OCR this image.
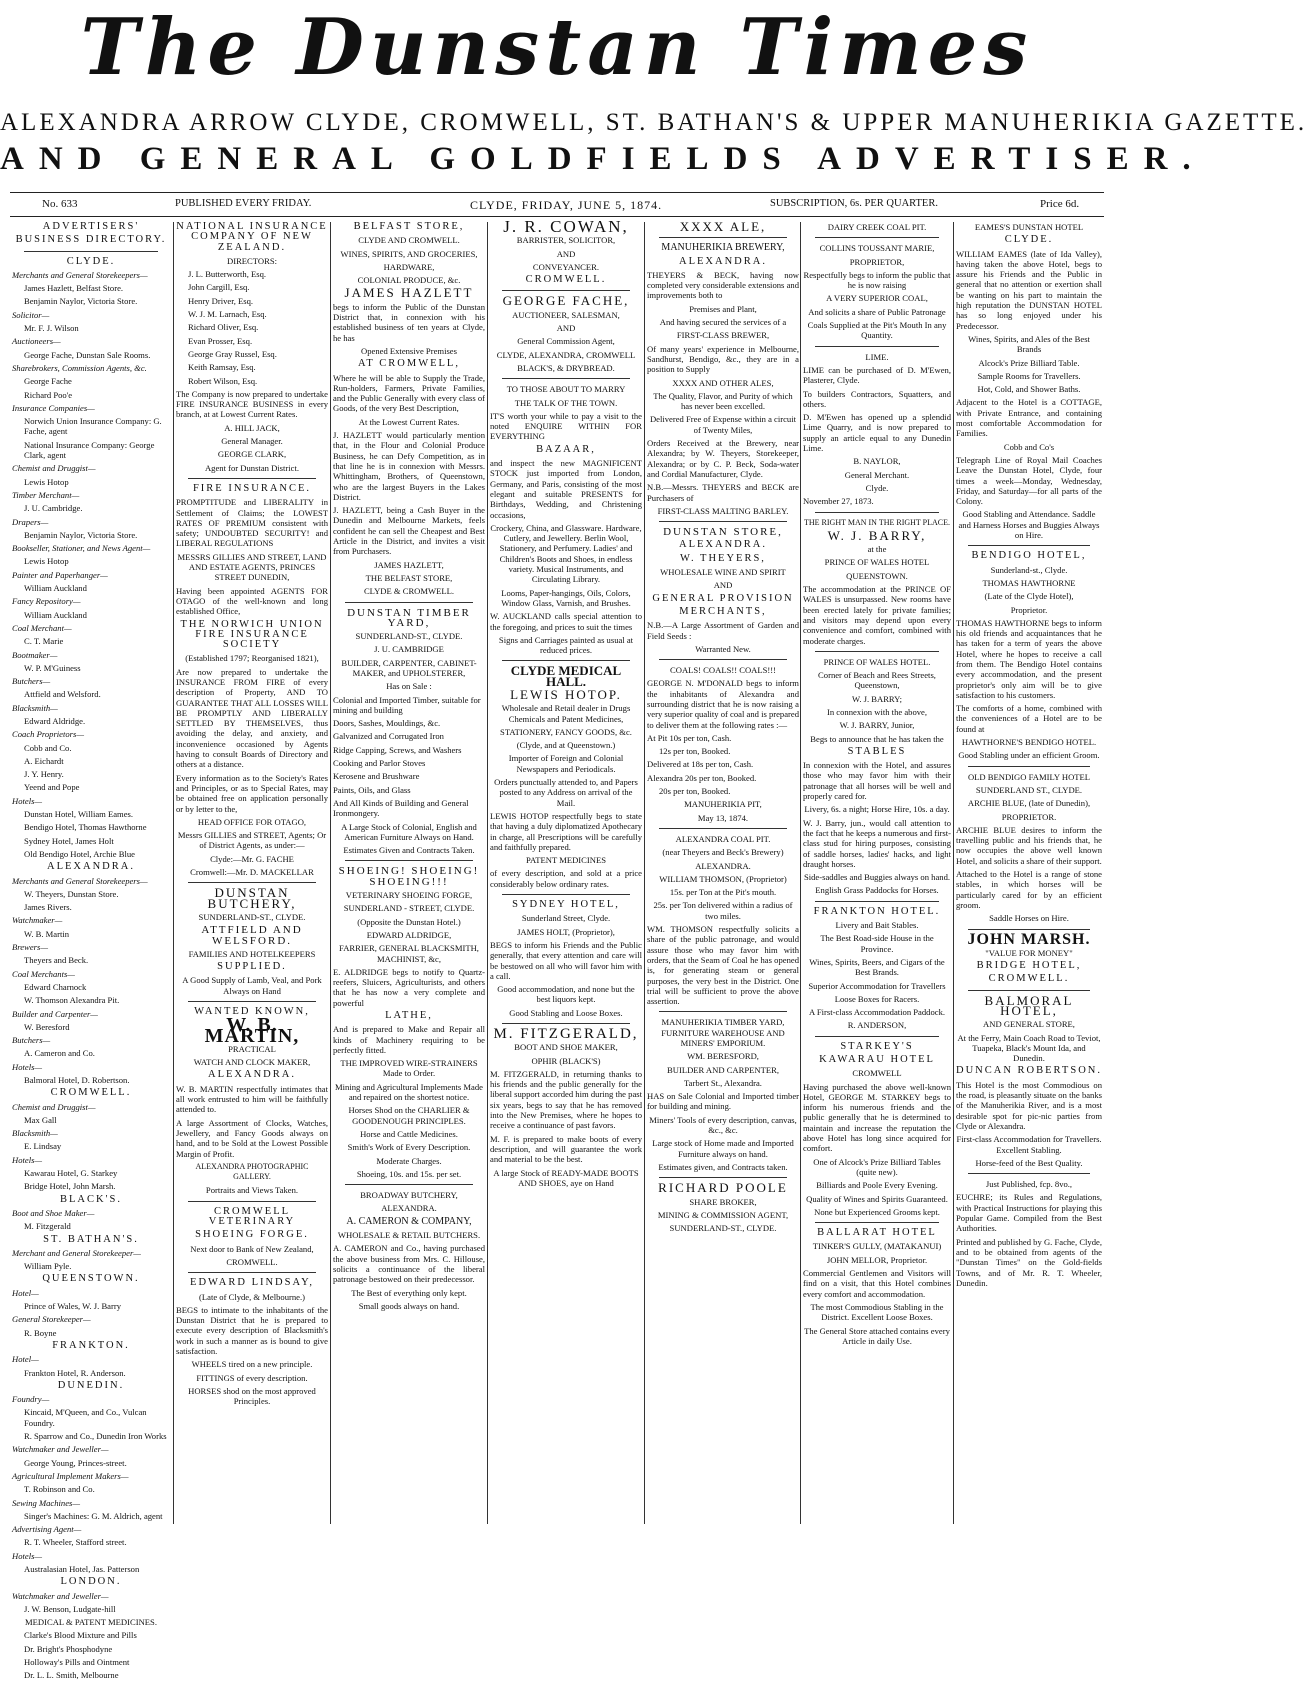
The Dunstan Times
ALEXANDRA ARROW CLYDE, CROMWELL, ST. BATHAN'S & UPPER MANUHERIKIA GAZETTE.
AND GENERAL GOLDFIELDS ADVERTISER.
No. 633	PUBLISHED EVERY FRIDAY.	CLYDE, FRIDAY, JUNE 5, 1874.	SUBSCRIPTION, 6s. PER QUARTER.	Price 6d.

ADVERTISERS'

BUSINESS DIRECTORY.

CLYDE.

Merchants and General Storekeepers—

James Hazlett, Belfast Store.

Benjamin Naylor, Victoria Store.

Solicitor—

Mr. F. J. Wilson

Auctioneers—

George Fache, Dunstan Sale Rooms.

Sharebrokers, Commission Agents, &c.

George Fache

Richard Poo'e

Insurance Companies—

Norwich Union Insurance Company: G. Fache, agent

National Insurance Company: George Clark, agent

Chemist and Druggist—

Lewis Hotop

Timber Merchant—

J. U. Cambridge.

Drapers—

Benjamin Naylor, Victoria Store.

Bookseller, Stationer, and News Agent—

Lewis Hotop

Painter and Paperhanger—

William Auckland

Fancy Repository—

William Auckland

Coal Merchant—

C. T. Marie

Bootmaker—

W. P. M'Guiness

Butchers—

Attfield and Welsford.

Blacksmith—

Edward Aldridge.

Coach Proprietors—

Cobb and Co.

A. Eichardt

J. Y. Henry.

Yeend and Pope

Hotels—

Dunstan Hotel, William Eames.

Bendigo Hotel, Thomas Hawthorne

Sydney Hotel, James Holt

Old Bendigo Hotel, Archie Blue

ALEXANDRA.

Merchants and General Storekeepers—

W. Theyers, Dunstan Store.

James Rivers.

Watchmaker—

W. B. Martin

Brewers—

Theyers and Beck.

Coal Merchants—

Edward Charnock

W. Thomson Alexandra Pit.

Builder and Carpenter—

W. Beresford

Butchers—

A. Cameron and Co.

Hotels—

Balmoral Hotel, D. Robertson.

CROMWELL.

Chemist and Druggist—

Max Gall

Blacksmith—

E. Lindsay

Hotels—

Kawarau Hotel, G. Starkey

Bridge Hotel, John Marsh.

BLACK'S.

Boot and Shoe Maker—

M. Fitzgerald

ST. BATHAN'S.

Merchant and General Storekeeper—

William Pyle.

QUEENSTOWN.

Hotel—

Prince of Wales, W. J. Barry

General Storekeeper—

R. Boyne

FRANKTON.

Hotel—

Frankton Hotel, R. Anderson.

DUNEDIN.

Foundry—

Kincaid, M'Queen, and Co., Vulcan Foundry.

R. Sparrow and Co., Dunedin Iron Works

Watchmaker and Jeweller—

George Young, Princes-street.

Agricultural Implement Makers—

T. Robinson and Co.

Sewing Machines—

Singer's Machines: G. M. Aldrich, agent

Advertising Agent—

R. T. Wheeler, Stafford street.

Hotels—

Australasian Hotel, Jas. Patterson

LONDON.

Watchmaker and Jeweller—

J. W. Benson, Ludgate-hill

MEDICAL & PATENT MEDICINES.

Clarke's Blood Mixture and Pills

Dr. Bright's Phosphodyne

Holloway's Pills and Ointment

Dr. L. L. Smith, Melbourne

NATIONAL INSURANCE COMPANY OF NEW ZEALAND.

DIRECTORS:

J. L. Butterworth, Esq.

John Cargill, Esq.

Henry Driver, Esq.

W. J. M. Larnach, Esq.

Richard Oliver, Esq.

Evan Prosser, Esq.

George Gray Russel, Esq.

Keith Ramsay, Esq.

Robert Wilson, Esq.

The Company is now prepared to undertake FIRE INSURANCE BUSINESS in every branch, at at Lowest Current Rates.

A. HILL JACK,

General Manager.

GEORGE CLARK,

Agent for Dunstan District.

FIRE INSURANCE.

PROMPTITUDE and LIBERALITY in Settlement of Claims; the LOWEST RATES OF PREMIUM consistent with safety; UNDOUBTED SECURITY! and LIBERAL REGULATIONS

MESSRS GILLIES AND STREET, LAND AND ESTATE AGENTS, PRINCES STREET DUNEDIN,

Having been appointed AGENTS FOR OTAGO of the well-known and long established Office,

THE NORWICH UNION FIRE INSURANCE SOCIETY

(Established 1797; Reorganised 1821),

Are now prepared to undertake the INSURANCE FROM FIRE of every description of Property, AND TO GUARANTEE THAT ALL LOSSES WILL BE PROMPTLY AND LIBERALLY SETTLED BY THEMSELVES, thus avoiding the delay, and anxiety, and inconvenience occasioned by Agents having to consult Boards of Directory and others at a distance.

Every information as to the Society's Rates and Principles, or as to Special Rates, may be obtained free on application personally or by letter to the,

HEAD OFFICE FOR OTAGO,

Messrs GILLIES and STREET, Agents; Or of District Agents, as under:—

Clyde:—Mr. G. FACHE

Cromwell:—Mr. D. MACKELLAR

DUNSTAN BUTCHERY,

SUNDERLAND-ST., CLYDE.

ATTFIELD AND WELSFORD.

FAMILIES AND HOTELKEEPERS

SUPPLIED.

A Good Supply of Lamb, Veal, and Pork Always on Hand

WANTED KNOWN,

W. B. MARTIN,

PRACTICAL

WATCH AND CLOCK MAKER,

ALEXANDRA.

W. B. MARTIN respectfully intimates that all work entrusted to him will be faithfully attended to.

A large Assortment of Clocks, Watches, Jewellery, and Fancy Goods always on hand, and to be Sold at the Lowest Possible Margin of Profit.

ALEXANDRA PHOTOGRAPHIC GALLERY.

Portraits and Views Taken.

CROMWELL VETERINARY

SHOEING FORGE.

Next door to Bank of New Zealand,

CROMWELL.

EDWARD LINDSAY,

(Late of Clyde, & Melbourne.)

BEGS to intimate to the inhabitants of the Dunstan District that he is prepared to execute every description of Blacksmith's work in such a manner as is bound to give satisfaction.

WHEELS tired on a new principle.

FITTINGS of every description.

HORSES shod on the most approved Principles.

BELFAST STORE,

CLYDE AND CROMWELL.

WINES, SPIRITS, AND GROCERIES,

HARDWARE,

COLONIAL PRODUCE, &c.

JAMES HAZLETT

begs to inform the Public of the Dunstan District that, in connexion with his established business of ten years at Clyde, he has

Opened Extensive Premises

AT CROMWELL,

Where he will be able to Supply the Trade, Run-holders, Farmers, Private Families, and the Public Generally with every class of Goods, of the very Best Description,

At the Lowest Current Rates.

J. HAZLETT would particularly mention that, in the Flour and Colonial Produce Business, he can Defy Competition, as in that line he is in connexion with Messrs. Whittingham, Brothers, of Queenstown, who are the largest Buyers in the Lakes District.

J. HAZLETT, being a Cash Buyer in the Dunedin and Melbourne Markets, feels confident he can sell the Cheapest and Best Article in the District, and invites a visit from Purchasers.

JAMES HAZLETT,

THE BELFAST STORE,

CLYDE & CROMWELL.

DUNSTAN TIMBER YARD,

SUNDERLAND-ST., CLYDE.

J. U. CAMBRIDGE

BUILDER, CARPENTER, CABINET-MAKER, and UPHOLSTERER,

Has on Sale :

Colonial and Imported Timber, suitable for mining and building

Doors, Sashes, Mouldings, &c.

Galvanized and Corrugated Iron

Ridge Capping, Screws, and Washers

Cooking and Parlor Stoves

Kerosene and Brushware

Paints, Oils, and Glass

And All Kinds of Building and General Ironmongery.

A Large Stock of Colonial, English and American Furniture Always on Hand.

Estimates Given and Contracts Taken.

SHOEING! SHOEING! SHOEING!!!

VETERINARY SHOEING FORGE,

SUNDERLAND - STREET, CLYDE.

(Opposite the Dunstan Hotel.)

EDWARD ALDRIDGE,

FARRIER, GENERAL BLACKSMITH, MACHINIST, &c,

E. ALDRIDGE begs to notify to Quartz-reefers, Sluicers, Agriculturists, and others that he has now a very complete and powerful

LATHE,

And is prepared to Make and Repair all kinds of Machinery requiring to be perfectly fitted.

THE IMPROVED WIRE-STRAINERS Made to Order.

Mining and Agricultural Implements Made and repaired on the shortest notice.

Horses Shod on the CHARLIER & GOODENOUGH PRINCIPLES.

Horse and Cattle Medicines.

Smith's Work of Every Description.

Moderate Charges.

Shoeing, 10s. and 15s. per set.

BROADWAY BUTCHERY,

ALEXANDRA.

A. CAMERON & COMPANY,

WHOLESALE & RETAIL BUTCHERS.

A. CAMERON and Co., having purchased the above business from Mrs. C. Hillouse, solicits a continuance of the liberal patronage bestowed on their predecessor.

The Best of everything only kept.

Small goods always on hand.

J. R. COWAN,

BARRISTER, SOLICITOR,

AND

CONVEYANCER.

CROMWELL.

GEORGE FACHE,

AUCTIONEER, SALESMAN,

AND

General Commission Agent,

CLYDE, ALEXANDRA, CROMWELL

BLACK'S, & DRYBREAD.

TO THOSE ABOUT TO MARRY

THE TALK OF THE TOWN.

IT'S worth your while to pay a visit to the noted ENQUIRE WITHIN FOR EVERYTHING

BAZAAR,

and inspect the new MAGNIFICENT STOCK just imported from London, Germany, and Paris, consisting of the most elegant and suitable PRESENTS for Birthdays, Wedding, and Christening occasions,

Crockery, China, and Glassware. Hardware, Cutlery, and Jewellery. Berlin Wool, Stationery, and Perfumery. Ladies' and Children's Boots and Shoes, in endless variety. Musical Instruments, and Circulating Library.

Looms, Paper-hangings, Oils, Colors, Window Glass, Varnish, and Brushes.

W. AUCKLAND calls special attention to the foregoing, and prices to suit the times

Signs and Carriages painted as usual at reduced prices.

CLYDE MEDICAL HALL.

LEWIS HOTOP.

Wholesale and Retail dealer in Drugs Chemicals and Patent Medicines,

STATIONERY, FANCY GOODS, &c.

(Clyde, and at Queenstown.)

Importer of Foreign and Colonial Newspapers and Periodicals.

Orders punctually attended to, and Papers posted to any Address on arrival of the Mail.

LEWIS HOTOP respectfully begs to state that having a duly diplomatized Apothecary in charge, all Prescriptions will be carefully and faithfully prepared.

PATENT MEDICINES

of every description, and sold at a price considerably below ordinary rates.

SYDNEY HOTEL,

Sunderland Street, Clyde.

JAMES HOLT, (Proprietor),

BEGS to inform his Friends and the Public generally, that every attention and care will be bestowed on all who will favor him with a call.

Good accommodation, and none but the best liquors kept.

Good Stabling and Loose Boxes.

M. FITZGERALD,

BOOT AND SHOE MAKER,

OPHIR (BLACK'S)

M. FITZGERALD, in returning thanks to his friends and the public generally for the liberal support accorded him during the past six years, begs to say that he has removed into the New Premises, where he hopes to receive a continuance of past favors.

M. F. is prepared to make boots of every description, and will guarantee the work and material to be the best.

A large Stock of READY-MADE BOOTS AND SHOES, aye on Hand

XXXX ALE,

MANUHERIKIA BREWERY,

ALEXANDRA.

THEYERS & BECK, having now completed very considerable extensions and improvements both to

Premises and Plant,

And having secured the services of a

FIRST-CLASS BREWER,

Of many years' experience in Melbourne, Sandhurst, Bendigo, &c., they are in a position to Supply

XXXX AND OTHER ALES,

The Quality, Flavor, and Purity of which has never been excelled.

Delivered Free of Expense within a circuit of Twenty Miles,

Orders Received at the Brewery, near Alexandra; by W. Theyers, Storekeeper, Alexandra; or by C. P. Beck, Soda-water and Cordial Manufacturer, Clyde.

N.B.—Messrs. THEYERS and BECK are Purchasers of

FIRST-CLASS MALTING BARLEY.

DUNSTAN STORE,

ALEXANDRA.

W. THEYERS,

WHOLESALE WINE AND SPIRIT

AND

GENERAL PROVISION

MERCHANTS,

N.B.—A Large Assortment of Garden and Field Seeds :

Warranted New.

COALS! COALS!! COALS!!!

GEORGE N. M'DONALD begs to inform the inhabitants of Alexandra and surrounding district that he is now raising a very superior quality of coal and is prepared to deliver them at the following rates :—

At Pit 10s per ton, Cash.

12s per ton, Booked.

Delivered at 18s per ton, Cash.

Alexandra 20s per ton, Booked.

20s per ton, Booked.

MANUHERIKIA PIT,

May 13, 1874.

ALEXANDRA COAL PIT.

(near Theyers and Beck's Brewery)

ALEXANDRA.

WILLIAM THOMSON, (Proprietor)

15s. per Ton at the Pit's mouth.

25s. per Ton delivered within a radius of two miles.

WM. THOMSON respectfully solicits a share of the public patronage, and would assure those who may favor him with orders, that the Seam of Coal he has opened is, for generating steam or general purposes, the very best in the District. One trial will be sufficient to prove the above assertion.

MANUHERIKIA TIMBER YARD, FURNITURE WAREHOUSE AND MINERS' EMPORIUM.

WM. BERESFORD,

BUILDER AND CARPENTER,

Tarbert St., Alexandra.

HAS on Sale Colonial and Imported timber for building and mining.

Miners' Tools of every description, canvas, &c., &c.

Large stock of Home made and Imported Furniture always on hand.

Estimates given, and Contracts taken.

RICHARD POOLE

SHARE BROKER,

MINING & COMMISSION AGENT,

SUNDERLAND-ST., CLYDE.

DAIRY CREEK COAL PIT.

COLLINS TOUSSANT MARIE,

PROPRIETOR,

Respectfully begs to inform the public that he is now raising

A VERY SUPERIOR COAL,

And solicits a share of Public Patronage

Coals Supplied at the Pit's Mouth In any Quantity.

LIME.

LIME can be purchased of D. M'Ewen, Plasterer, Clyde.

To builders Contractors, Squatters, and others.

D. M'Ewen has opened up a splendid Lime Quarry, and is now prepared to supply an article equal to any Dunedin Lime.

B. NAYLOR,

General Merchant.

Clyde.

November 27, 1873.

THE RIGHT MAN IN THE RIGHT PLACE.

W. J. BARRY,

at the

PRINCE OF WALES HOTEL

QUEENSTOWN.

The accommodation at the PRINCE OF WALES is unsurpassed. New rooms have been erected lately for private families; and visitors may depend upon every convenience and comfort, combined with moderate charges.

PRINCE OF WALES HOTEL.

Corner of Beach and Rees Streets, Queenstown,

W. J. BARRY;

In connexion with the above,

W. J. BARRY, Junior,

Begs to announce that he has taken the

STABLES

In connexion with the Hotel, and assures those who may favor him with their patronage that all horses will be well and properly cared for.

Livery, 6s. a night; Horse Hire, 10s. a day.

W. J. Barry, jun., would call attention to the fact that he keeps a numerous and first-class stud for hiring purposes, consisting of saddle horses, ladies' hacks, and light draught horses.

Side-saddles and Buggies always on hand.

English Grass Paddocks for Horses.

FRANKTON HOTEL.

Livery and Bait Stables.

The Best Road-side House in the Province.

Wines, Spirits, Beers, and Cigars of the Best Brands.

Superior Accommodation for Travellers

Loose Boxes for Racers.

A First-class Accommodation Paddock.

R. ANDERSON,

STARKEY'S

KAWARAU HOTEL

CROMWELL

Having purchased the above well-known Hotel, GEORGE M. STARKEY begs to inform his numerous friends and the public generally that he is determined to maintain and increase the reputation the above Hotel has long since acquired for comfort.

One of Alcock's Prize Billiard Tables (quite new).

Billiards and Poole Every Evening.

Quality of Wines and Spirits Guaranteed.

None but Experienced Grooms kept.

BALLARAT HOTEL

TINKER'S GULLY, (MATAKANUI)

JOHN MELLOR, Proprietor.

Commercial Gentlemen and Visitors will find on a visit, that this Hotel combines every comfort and accommodation.

The most Commodious Stabling in the District. Excellent Loose Boxes.

The General Store attached contains every Article in daily Use.

EAMES'S DUNSTAN HOTEL

CLYDE.

WILLIAM EAMES (late of Ida Valley), having taken the above Hotel, begs to assure his Friends and the Public in general that no attention or exertion shall be wanting on his part to maintain the high reputation the DUNSTAN HOTEL has so long enjoyed under his Predecessor.

Wines, Spirits, and Ales of the Best Brands

Alcock's Prize Billiard Table.

Sample Rooms for Travellers.

Hot, Cold, and Shower Baths.

Adjacent to the Hotel is a COTTAGE, with Private Entrance, and containing most comfortable Accommodation for Families.

Cobb and Co's

Telegraph Line of Royal Mail Coaches Leave the Dunstan Hotel, Clyde, four times a week—Monday, Wednesday, Friday, and Saturday—for all parts of the Colony.

Good Stabling and Attendance. Saddle and Harness Horses and Buggies Always on Hire.

BENDIGO HOTEL,

Sunderland-st., Clyde.

THOMAS HAWTHORNE

(Late of the Clyde Hotel),

Proprietor.

THOMAS HAWTHORNE begs to inform his old friends and acquaintances that he has taken for a term of years the above Hotel, where he hopes to receive a call from them. The Bendigo Hotel contains every accommodation, and the present proprietor's only aim will be to give satisfaction to his customers.

The comforts of a home, combined with the conveniences of a Hotel are to be found at

HAWTHORNE'S BENDIGO HOTEL.

Good Stabling under an efficient Groom.

OLD BENDIGO FAMILY HOTEL

SUNDERLAND ST., CLYDE.

ARCHIE BLUE, (late of Dunedin),

PROPRIETOR.

ARCHIE BLUE desires to inform the travelling public and his friends that, he now occupies the above well known Hotel, and solicits a share of their support.

Attached to the Hotel is a range of stone stables, in which horses will be particularly cared for by an efficient groom.

Saddle Horses on Hire.

JOHN MARSH.

"VALUE FOR MONEY"

BRIDGE HOTEL,

CROMWELL.

BALMORAL HOTEL,

AND GENERAL STORE,

At the Ferry, Main Coach Road to Teviot, Tuapeka, Black's Mount Ida, and Dunedin.

DUNCAN ROBERTSON.

This Hotel is the most Commodious on the road, is pleasantly situate on the banks of the Manuherikia River, and is a most desirable spot for pic-nic parties from Clyde or Alexandra.

First-class Accommodation for Travellers. Excellent Stabling.

Horse-feed of the Best Quality.

Just Published, fcp. 8vo.,

EUCHRE; its Rules and Regulations, with Practical Instructions for playing this Popular Game. Compiled from the Best Authorities.

Printed and published by G. Fache, Clyde, and to be obtained from agents of the "Dunstan Times" on the Gold-fields Towns, and of Mr. R. T. Wheeler, Dunedin.
